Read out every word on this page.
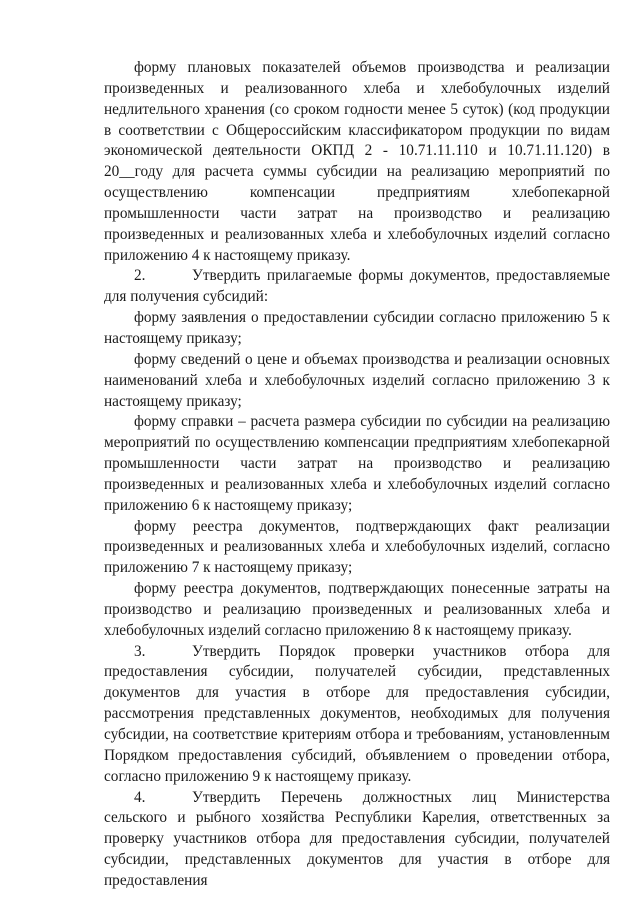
форму плановых показателей объемов производства и реализации произведенных и реализованного хлеба и хлебобулочных изделий недлительного хранения (со сроком годности менее 5 суток) (код продукции в соответствии с Общероссийским классификатором продукции по видам экономической деятельности ОКПД 2 - 10.71.11.110 и 10.71.11.120) в 20__году для расчета суммы субсидии на реализацию мероприятий по осуществлению компенсации предприятиям хлебопекарной промышленности части затрат на производство и реализацию произведенных и реализованных хлеба и хлебобулочных изделий согласно приложению 4 к настоящему приказу.

2.	Утвердить прилагаемые формы документов, предоставляемые для получения субсидий:

форму заявления о предоставлении субсидии согласно приложению 5 к настоящему приказу;

форму сведений о цене и объемах производства и реализации основных наименований хлеба и хлебобулочных изделий согласно приложению 3 к настоящему приказу;

форму справки – расчета размера субсидии по субсидии на реализацию мероприятий по осуществлению компенсации предприятиям хлебопекарной промышленности части затрат на производство и реализацию произведенных и реализованных хлеба и хлебобулочных изделий согласно приложению 6 к настоящему приказу;

форму реестра документов, подтверждающих факт реализации произведенных и реализованных хлеба и хлебобулочных изделий, согласно приложению 7 к настоящему приказу;

форму реестра документов, подтверждающих понесенные затраты на производство и реализацию произведенных и реализованных хлеба и хлебобулочных изделий согласно приложению 8 к настоящему приказу.

3.	Утвердить Порядок проверки участников отбора для предоставления субсидии, получателей субсидии, представленных документов для участия в отборе для предоставления субсидии, рассмотрения представленных документов, необходимых для получения субсидии, на соответствие критериям отбора и требованиям, установленным Порядком предоставления субсидий, объявлением о проведении отбора, согласно приложению 9 к настоящему приказу.

4.	Утвердить Перечень должностных лиц Министерства сельского и рыбного хозяйства Республики Карелия, ответственных за проверку участников отбора для предоставления субсидии, получателей субсидии, представленных документов для участия в отборе для предоставления
